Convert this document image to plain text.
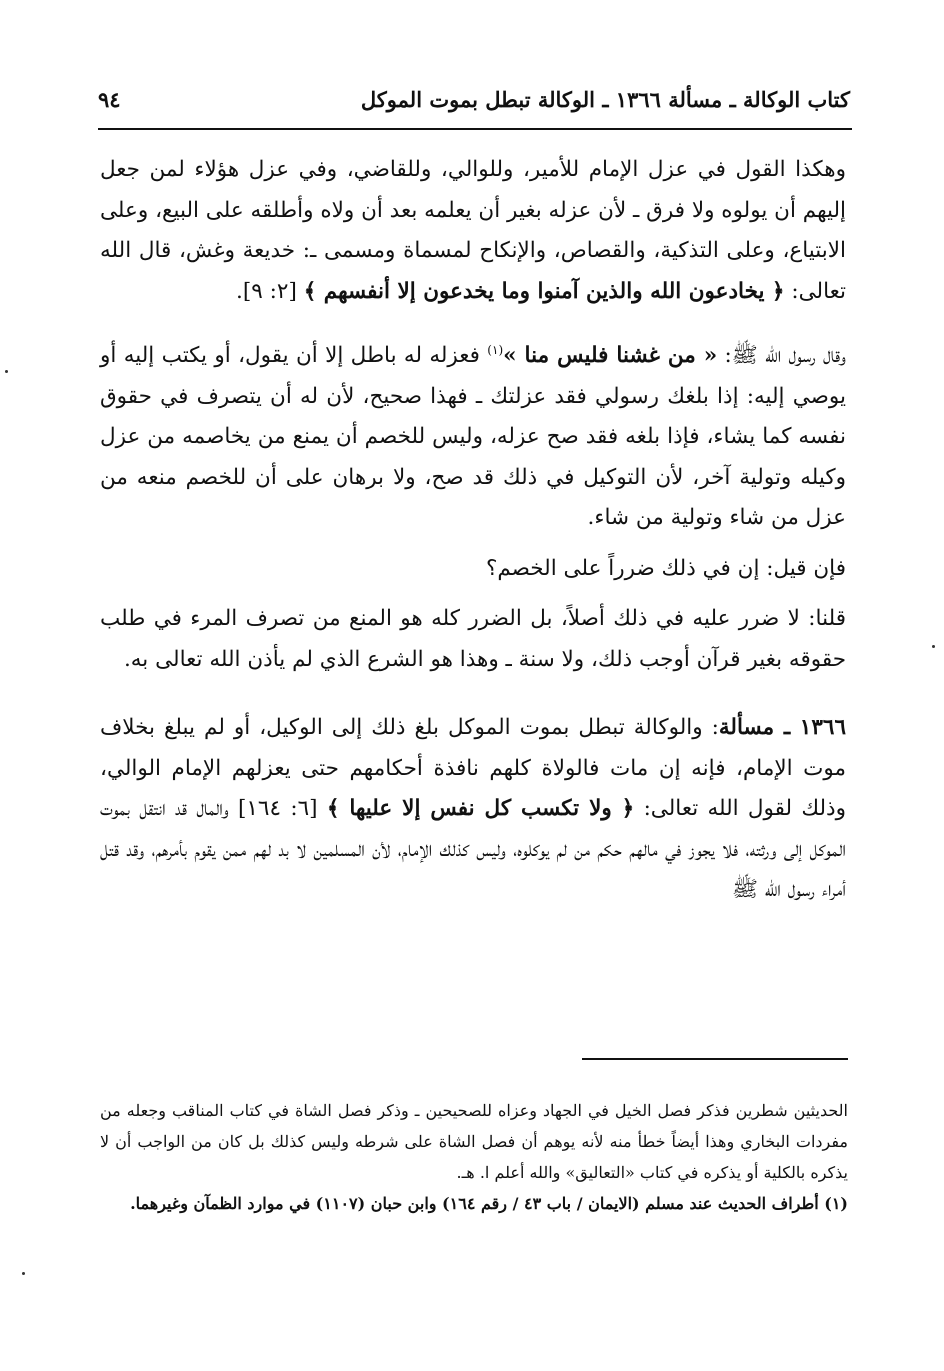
كتاب الوكالة ـ مسألة ١٣٦٦ ـ الوكالة تبطل بموت الموكل
٩٤

وهكذا القول في عزل الإمام للأمير، وللوالي، وللقاضي، وفي عزل هؤلاء لمن جعل إليهم أن يولوه ولا فرق ـ لأن عزله بغير أن يعلمه بعد أن ولاه وأطلقه على البيع، وعلى الابتياع، وعلى التذكية، والقصاص، والإنكاح لمسماة ومسمى ـ: خديعة وغش، قال الله تعالى: ﴿ يخادعون الله والذين آمنوا وما يخدعون إلا أنفسهم ﴾ [٢: ٩].

وقال رسول الله ﷺ: « من غشنا فليس منا »$^{(١)}$ فعزله له باطل إلا أن يقول، أو يكتب إليه أو يوصي إليه: إذا بلغك رسولي فقد عزلتك ـ فهذا صحيح، لأن له أن يتصرف في حقوق نفسه كما يشاء، فإذا بلغه فقد صح عزله، وليس للخصم أن يمنع من يخاصمه من عزل وكيله وتولية آخر، لأن التوكيل في ذلك قد صح، ولا برهان على أن للخصم منعه من عزل من شاء وتولية من شاء.

فإن قيل: إن في ذلك ضرراً على الخصم؟

قلنا: لا ضرر عليه في ذلك أصلاً، بل الضرر كله هو المنع من تصرف المرء في طلب حقوقه بغير قرآن أوجب ذلك، ولا سنة ـ وهذا هو الشرع الذي لم يأذن الله تعالى به.

١٣٦٦ ـ مسألة: والوكالة تبطل بموت الموكل بلغ ذلك إلى الوكيل، أو لم يبلغ بخلاف موت الإمام، فإنه إن مات فالولاة كلهم نافذة أحكامهم حتى يعزلهم الإمام الوالي، وذلك لقول الله تعالى: ﴿ ولا تكسب كل نفس إلا عليها ﴾ [٦: ١٦٤] والمال قد انتقل بموت الموكل إلى ورثته، فلا يجوز في مالهم حكم من لم يوكلوه، وليس كذلك الإمام، لأن المسلمين لا بد لهم ممن يقوم بأمرهم، وقد قتل أمراء رسول الله ﷺ

الحديثين شطرين فذكر فصل الخيل في الجهاد وعزاه للصحيحين ـ وذكر فصل الشاة في كتاب المناقب وجعله من مفردات البخاري وهذا أيضاً خطأ منه لأنه يوهم أن فصل الشاة على شرطه وليس كذلك بل كان من الواجب أن لا يذكره بالكلية أو يذكره في كتاب «التعاليق» والله أعلم ا. هـ.

(١) أطراف الحديث عند مسلم (الايمان / باب ٤٣ / رقم ١٦٤) وابن حبان (١١٠٧) في موارد الظمآن وغيرهما.
